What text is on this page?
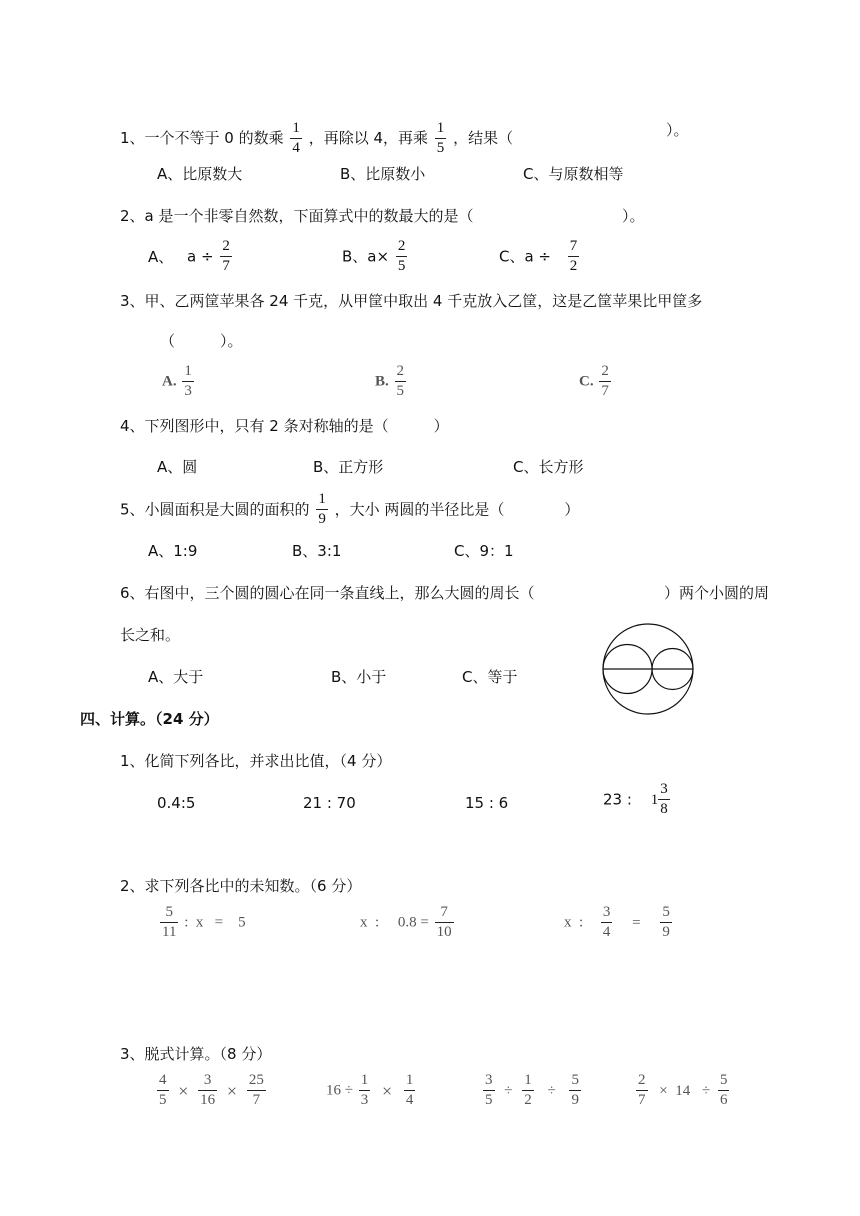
1、一个不等于 0 的数乘 $\frac{1}{4}$ ，再除以 4，再乘 $\frac{1}{5}$ ，结果（	）。
A、比原数大	B、比原数小	C、与原数相等
2、a 是一个非零自然数，下面算式中的数最大的是（	）。
A、 $a \div \frac{2}{7}$	B、$a\times \frac{2}{5}$	C、$a \div \frac{7}{2}$
3、甲、乙两筐苹果各 24 千克，从甲筐中取出 4 千克放入乙筐，这是乙筐苹果比甲筐多
（　　　）。
A. $\frac{1}{3}$	B. $\frac{2}{5}$	C. $\frac{2}{7}$
4、下列图形中，只有 2 条对称轴的是（　　　）
A、圆	B、正方形	C、长方形
5、小圆面积是大圆的面积的 $\frac{1}{9}$ ，大小 两圆的半径比是（　　　　）
A、1:9	B、3:1	C、9：1
6、右图中，三个圆的圆心在同一条直线上，那么大圆的周长（	）两个小圆的周
长之和。
A、大于	B、小于	C、等于
四、计算。（24 分）
1、化简下列各比，并求出比值，（4 分）
0.4:5	21 : 70	15 : 6	23 : $1 \frac{3}{8}$
2、求下列各比中的未知数。（6 分）
$\frac{5}{11}$ :  x   =    5	x  :     $0.8 = \frac{7}{10}$	x  : $\frac{3}{4} = \frac{5}{9}$
3、脱式计算。（8 分）
$\frac{4}{5} \times \frac{3}{16} \times \frac{25}{7}$	$16 \div \frac{1}{3} \times \frac{1}{4}$	$\frac{3}{5} \div \frac{1}{2} \div \frac{5}{9}$	$\frac{2}{7} \times 14 \div \frac{5}{6}$
